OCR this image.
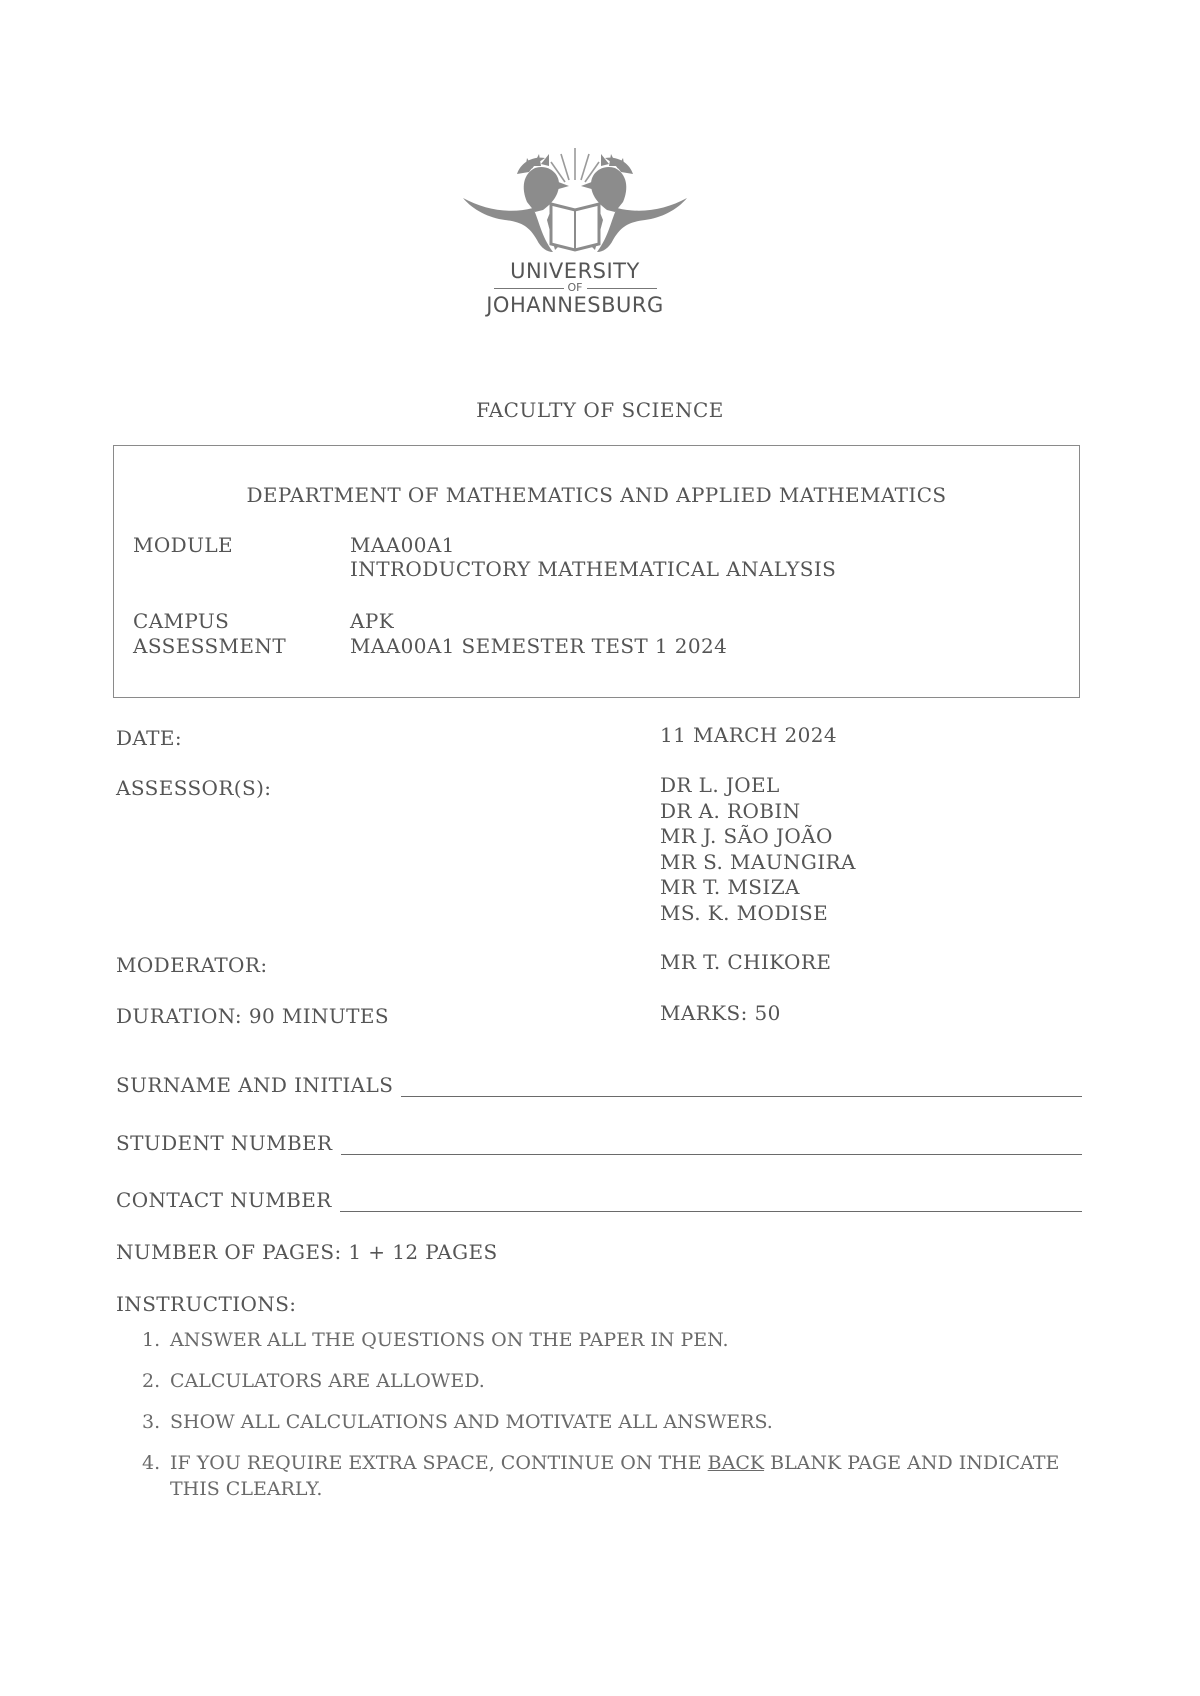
UNIVERSITY
OF
JOHANNESBURG
FACULTY OF SCIENCE
DEPARTMENT OF MATHEMATICS AND APPLIED MATHEMATICS
MODULE	MAA00A1
INTRODUCTORY MATHEMATICAL ANALYSIS
CAMPUS	APK
ASSESSMENT	MAA00A1 SEMESTER TEST 1 2024
DATE:	11 MARCH 2024
ASSESSOR(S):	DR L. JOEL
DR A. ROBIN
MR J. SÃO JOÃO
MR S. MAUNGIRA
MR T. MSIZA
MS. K. MODISE
MODERATOR:	MR T. CHIKORE
DURATION: 90 MINUTES	MARKS: 50
SURNAME AND INITIALS
STUDENT NUMBER
CONTACT NUMBER
NUMBER OF PAGES: 1 + 12 PAGES
INSTRUCTIONS:
1. ANSWER ALL THE QUESTIONS ON THE PAPER IN PEN.
2. CALCULATORS ARE ALLOWED.
3. SHOW ALL CALCULATIONS AND MOTIVATE ALL ANSWERS.
4. IF YOU REQUIRE EXTRA SPACE, CONTINUE ON THE BACK BLANK PAGE AND INDICATE THIS CLEARLY.
